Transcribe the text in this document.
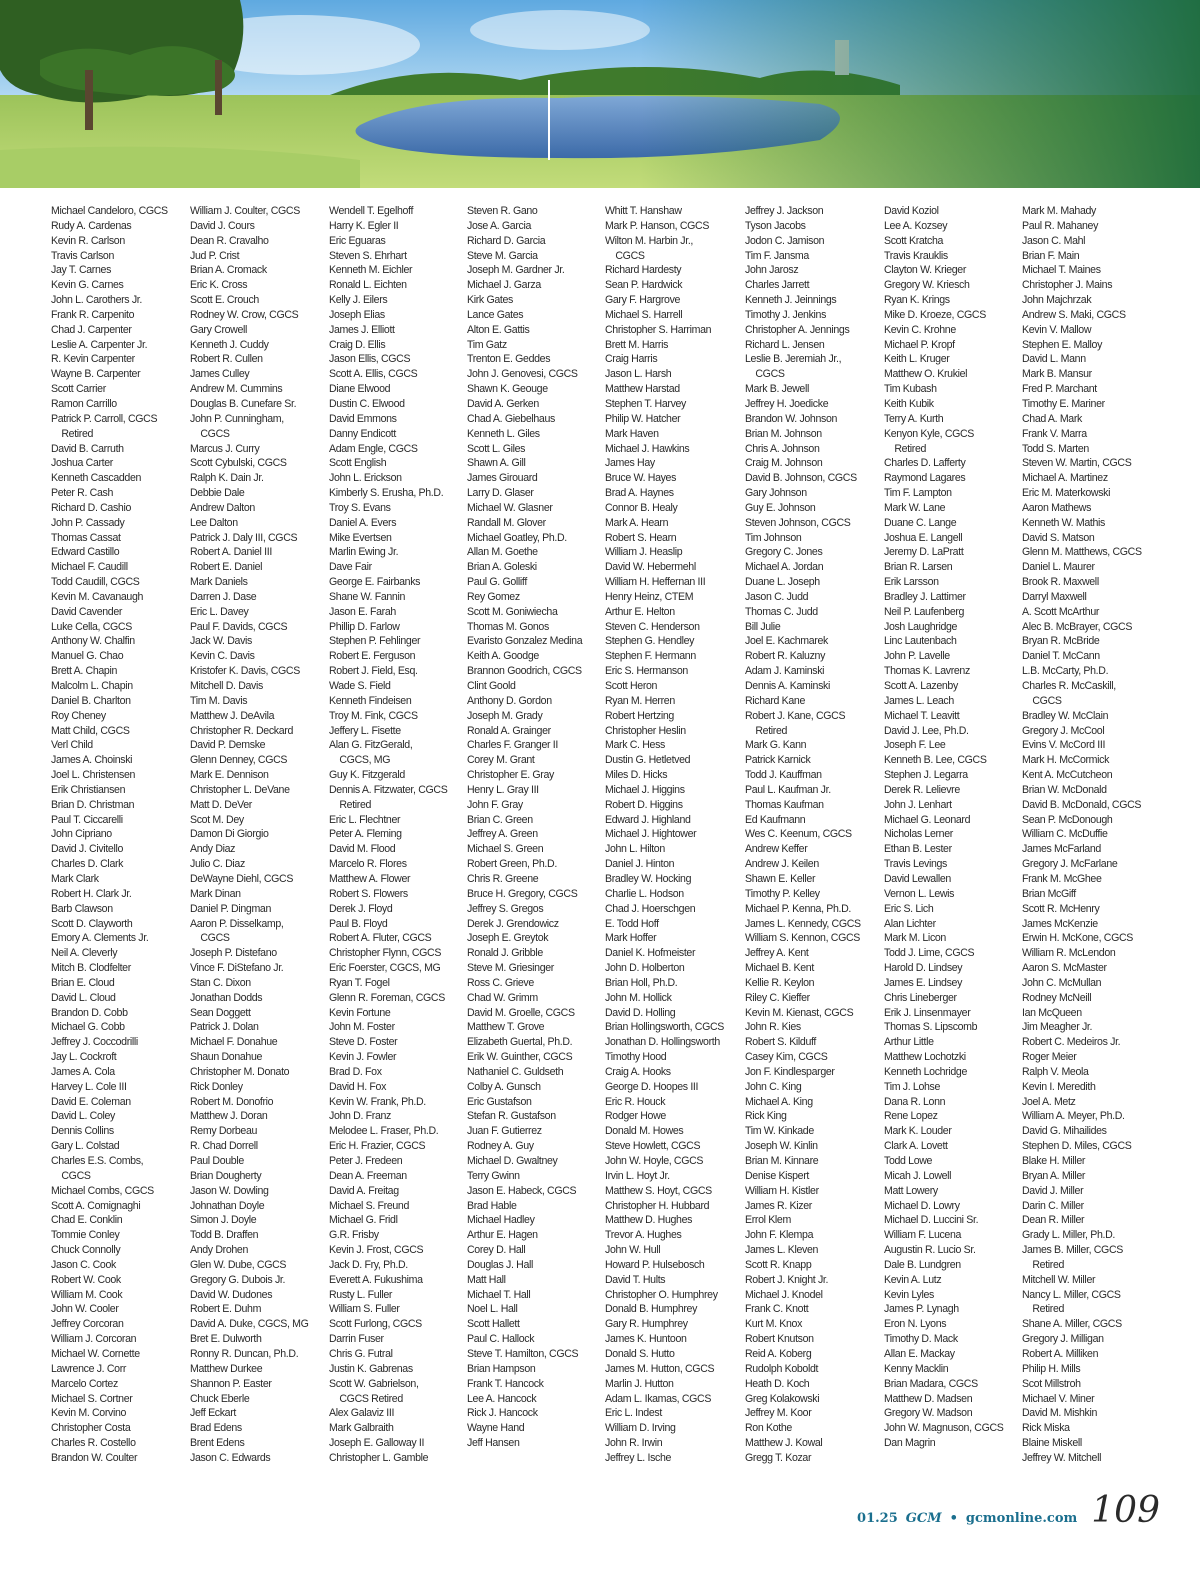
Michael Candeloro, CGCS
Rudy A. Cardenas
Kevin R. Carlson
Travis Carlson
Jay T. Carnes
Kevin G. Carnes
John L. Carothers Jr.
Frank R. Carpenito
Chad J. Carpenter
Leslie A. Carpenter Jr.
R. Kevin Carpenter
Wayne B. Carpenter
Scott Carrier
Ramon Carrillo
Patrick P. Carroll, CGCS
Retired
David B. Carruth
Joshua Carter
Kenneth Cascadden
Peter R. Cash
Richard D. Cashio
John P. Cassady
Thomas Cassat
Edward Castillo
Michael F. Caudill
Todd Caudill, CGCS
Kevin M. Cavanaugh
David Cavender
Luke Cella, CGCS
Anthony W. Chalfin
Manuel G. Chao
Brett A. Chapin
Malcolm L. Chapin
Daniel B. Charlton
Roy Cheney
Matt Child, CGCS
Verl Child
James A. Choinski
Joel L. Christensen
Erik Christiansen
Brian D. Christman
Paul T. Ciccarelli
John Cipriano
David J. Civitello
Charles D. Clark
Mark Clark
Robert H. Clark Jr.
Barb Clawson
Scott D. Clayworth
Emory A. Clements Jr.
Neil A. Cleverly
Mitch B. Clodfelter
Brian E. Cloud
David L. Cloud
Brandon D. Cobb
Michael G. Cobb
Jeffrey J. Coccodrilli
Jay L. Cockroft
James A. Cola
Harvey L. Cole III
David E. Coleman
David L. Coley
Dennis Collins
Gary L. Colstad
Charles E.S. Combs,
CGCS
Michael Combs, CGCS
Scott A. Comignaghi
Chad E. Conklin
Tommie Conley
Chuck Connolly
Jason C. Cook
Robert W. Cook
William M. Cook
John W. Cooler
Jeffrey Corcoran
William J. Corcoran
Michael W. Cornette
Lawrence J. Corr
Marcelo Cortez
Michael S. Cortner
Kevin M. Corvino
Christopher Costa
Charles R. Costello
Brandon W. Coulter
William J. Coulter, CGCS
David J. Cours
Dean R. Cravalho
Jud P. Crist
Brian A. Cromack
Eric K. Cross
Scott E. Crouch
Rodney W. Crow, CGCS
Gary Crowell
Kenneth J. Cuddy
Robert R. Cullen
James Culley
Andrew M. Cummins
Douglas B. Cunefare Sr.
John P. Cunningham,
CGCS
Marcus J. Curry
Scott Cybulski, CGCS
Ralph K. Dain Jr.
Debbie Dale
Andrew Dalton
Lee Dalton
Patrick J. Daly III, CGCS
Robert A. Daniel III
Robert E. Daniel
Mark Daniels
Darren J. Dase
Eric L. Davey
Paul F. Davids, CGCS
Jack W. Davis
Kevin C. Davis
Kristofer K. Davis, CGCS
Mitchell D. Davis
Tim M. Davis
Matthew J. DeAvila
Christopher R. Deckard
David P. Demske
Glenn Denney, CGCS
Mark E. Dennison
Christopher L. DeVane
Matt D. DeVer
Scot M. Dey
Damon Di Giorgio
Andy Diaz
Julio C. Diaz
DeWayne Diehl, CGCS
Mark Dinan
Daniel P. Dingman
Aaron P. Disselkamp,
CGCS
Joseph P. Distefano
Vince F. DiStefano Jr.
Stan C. Dixon
Jonathan Dodds
Sean Doggett
Patrick J. Dolan
Michael F. Donahue
Shaun Donahue
Christopher M. Donato
Rick Donley
Robert M. Donofrio
Matthew J. Doran
Remy Dorbeau
R. Chad Dorrell
Paul Double
Brian Dougherty
Jason W. Dowling
Johnathan Doyle
Simon J. Doyle
Todd B. Draffen
Andy Drohen
Glen W. Dube, CGCS
Gregory G. Dubois Jr.
David W. Dudones
Robert E. Duhm
David A. Duke, CGCS, MG
Bret E. Dulworth
Ronny R. Duncan, Ph.D.
Matthew Durkee
Shannon P. Easter
Chuck Eberle
Jeff Eckart
Brad Edens
Brent Edens
Jason C. Edwards
Wendell T. Egelhoff
Harry K. Egler II
Eric Eguaras
Steven S. Ehrhart
Kenneth M. Eichler
Ronald L. Eichten
Kelly J. Eilers
Joseph Elias
James J. Elliott
Craig D. Ellis
Jason Ellis, CGCS
Scott A. Ellis, CGCS
Diane Elwood
Dustin C. Elwood
David Emmons
Danny Endicott
Adam Engle, CGCS
Scott English
John L. Erickson
Kimberly S. Erusha, Ph.D.
Troy S. Evans
Daniel A. Evers
Mike Evertsen
Marlin Ewing Jr.
Dave Fair
George E. Fairbanks
Shane W. Fannin
Jason E. Farah
Phillip D. Farlow
Stephen P. Fehlinger
Robert E. Ferguson
Robert J. Field, Esq.
Wade S. Field
Kenneth Findeisen
Troy M. Fink, CGCS
Jeffery L. Fisette
Alan G. FitzGerald,
CGCS, MG
Guy K. Fitzgerald
Dennis A. Fitzwater, CGCS
Retired
Eric L. Flechtner
Peter A. Fleming
David M. Flood
Marcelo R. Flores
Matthew A. Flower
Robert S. Flowers
Derek J. Floyd
Paul B. Floyd
Robert A. Fluter, CGCS
Christopher Flynn, CGCS
Eric Foerster, CGCS, MG
Ryan T. Fogel
Glenn R. Foreman, CGCS
Kevin Fortune
John M. Foster
Steve D. Foster
Kevin J. Fowler
Brad D. Fox
David H. Fox
Kevin W. Frank, Ph.D.
John D. Franz
Melodee L. Fraser, Ph.D.
Eric H. Frazier, CGCS
Peter J. Fredeen
Dean A. Freeman
David A. Freitag
Michael S. Freund
Michael G. Fridl
G.R. Frisby
Kevin J. Frost, CGCS
Jack D. Fry, Ph.D.
Everett A. Fukushima
Rusty L. Fuller
William S. Fuller
Scott Furlong, CGCS
Darrin Fuser
Chris G. Futral
Justin K. Gabrenas
Scott W. Gabrielson,
CGCS Retired
Alex Galaviz III
Mark Galbraith
Joseph E. Galloway II
Christopher L. Gamble
Steven R. Gano
Jose A. Garcia
Richard D. Garcia
Steve M. Garcia
Joseph M. Gardner Jr.
Michael J. Garza
Kirk Gates
Lance Gates
Alton E. Gattis
Tim Gatz
Trenton E. Geddes
John J. Genovesi, CGCS
Shawn K. Geouge
David A. Gerken
Chad A. Giebelhaus
Kenneth L. Giles
Scott L. Giles
Shawn A. Gill
James Girouard
Larry D. Glaser
Michael W. Glasner
Randall M. Glover
Michael Goatley, Ph.D.
Allan M. Goethe
Brian A. Goleski
Paul G. Golliff
Rey Gomez
Scott M. Goniwiecha
Thomas M. Gonos
Evaristo Gonzalez Medina
Keith A. Goodge
Brannon Goodrich, CGCS
Clint Goold
Anthony D. Gordon
Joseph M. Grady
Ronald A. Grainger
Charles F. Granger II
Corey M. Grant
Christopher E. Gray
Henry L. Gray III
John F. Gray
Brian C. Green
Jeffrey A. Green
Michael S. Green
Robert Green, Ph.D.
Chris R. Greene
Bruce H. Gregory, CGCS
Jeffrey S. Gregos
Derek J. Grendowicz
Joseph E. Greytok
Ronald J. Gribble
Steve M. Griesinger
Ross C. Grieve
Chad W. Grimm
David M. Groelle, CGCS
Matthew T. Grove
Elizabeth Guertal, Ph.D.
Erik W. Guinther, CGCS
Nathaniel C. Guldseth
Colby A. Gunsch
Eric Gustafson
Stefan R. Gustafson
Juan F. Gutierrez
Rodney A. Guy
Michael D. Gwaltney
Terry Gwinn
Jason E. Habeck, CGCS
Brad Hable
Michael Hadley
Arthur E. Hagen
Corey D. Hall
Douglas J. Hall
Matt Hall
Michael T. Hall
Noel L. Hall
Scott Hallett
Paul C. Hallock
Steve T. Hamilton, CGCS
Brian Hampson
Frank T. Hancock
Lee A. Hancock
Rick J. Hancock
Wayne Hand
Jeff Hansen
Whitt T. Hanshaw
Mark P. Hanson, CGCS
Wilton M. Harbin Jr.,
CGCS
Richard Hardesty
Sean P. Hardwick
Gary F. Hargrove
Michael S. Harrell
Christopher S. Harriman
Brett M. Harris
Craig Harris
Jason L. Harsh
Matthew Harstad
Stephen T. Harvey
Philip W. Hatcher
Mark Haven
Michael J. Hawkins
James Hay
Bruce W. Hayes
Brad A. Haynes
Connor B. Healy
Mark A. Hearn
Robert S. Hearn
William J. Heaslip
David W. Hebermehl
William H. Heffernan III
Henry Heinz, CTEM
Arthur E. Helton
Steven C. Henderson
Stephen G. Hendley
Stephen F. Hermann
Eric S. Hermanson
Scott Heron
Ryan M. Herren
Robert Hertzing
Christopher Heslin
Mark C. Hess
Dustin G. Hetletved
Miles D. Hicks
Michael J. Higgins
Robert D. Higgins
Edward J. Highland
Michael J. Hightower
John L. Hilton
Daniel J. Hinton
Bradley W. Hocking
Charlie L. Hodson
Chad J. Hoerschgen
E. Todd Hoff
Mark Hoffer
Daniel K. Hofmeister
John D. Holberton
Brian Holl, Ph.D.
John M. Hollick
David D. Holling
Brian Hollingsworth, CGCS
Jonathan D. Hollingsworth
Timothy Hood
Craig A. Hooks
George D. Hoopes III
Eric R. Houck
Rodger Howe
Donald M. Howes
Steve Howlett, CGCS
John W. Hoyle, CGCS
Irvin L. Hoyt Jr.
Matthew S. Hoyt, CGCS
Christopher H. Hubbard
Matthew D. Hughes
Trevor A. Hughes
John W. Hull
Howard P. Hulsebosch
David T. Hults
Christopher O. Humphrey
Donald B. Humphrey
Gary R. Humphrey
James K. Huntoon
Donald S. Hutto
James M. Hutton, CGCS
Marlin J. Hutton
Adam L. Ikamas, CGCS
Eric L. Indest
William D. Irving
John R. Irwin
Jeffrey L. Ische
Jeffrey J. Jackson
Tyson Jacobs
Jodon C. Jamison
Tim F. Jansma
John Jarosz
Charles Jarrett
Kenneth J. Jeinnings
Timothy J. Jenkins
Christopher A. Jennings
Richard L. Jensen
Leslie B. Jeremiah Jr.,
CGCS
Mark B. Jewell
Jeffrey H. Joedicke
Brandon W. Johnson
Brian M. Johnson
Chris A. Johnson
Craig M. Johnson
David B. Johnson, CGCS
Gary Johnson
Guy E. Johnson
Steven Johnson, CGCS
Tim Johnson
Gregory C. Jones
Michael A. Jordan
Duane L. Joseph
Jason C. Judd
Thomas C. Judd
Bill Julie
Joel E. Kachmarek
Robert R. Kaluzny
Adam J. Kaminski
Dennis A. Kaminski
Richard Kane
Robert J. Kane, CGCS
Retired
Mark G. Kann
Patrick Karnick
Todd J. Kauffman
Paul L. Kaufman Jr.
Thomas Kaufman
Ed Kaufmann
Wes C. Keenum, CGCS
Andrew Keffer
Andrew J. Keilen
Shawn E. Keller
Timothy P. Kelley
Michael P. Kenna, Ph.D.
James L. Kennedy, CGCS
William S. Kennon, CGCS
Jeffrey A. Kent
Michael B. Kent
Kellie R. Keylon
Riley C. Kieffer
Kevin M. Kienast, CGCS
John R. Kies
Robert S. Kilduff
Casey Kim, CGCS
Jon F. Kindlesparger
John C. King
Michael A. King
Rick King
Tim W. Kinkade
Joseph W. Kinlin
Brian M. Kinnare
Denise Kispert
William H. Kistler
James R. Kizer
Errol Klem
John F. Klempa
James L. Kleven
Scott R. Knapp
Robert J. Knight Jr.
Michael J. Knodel
Frank C. Knott
Kurt M. Knox
Robert Knutson
Reid A. Koberg
Rudolph Koboldt
Heath D. Koch
Greg Kolakowski
Jeffrey M. Koor
Ron Kothe
Matthew J. Kowal
Gregg T. Kozar
David Koziol
Lee A. Kozsey
Scott Kratcha
Travis Krauklis
Clayton W. Krieger
Gregory W. Kriesch
Ryan K. Krings
Mike D. Kroeze, CGCS
Kevin C. Krohne
Michael P. Kropf
Keith L. Kruger
Matthew O. Krukiel
Tim Kubash
Keith Kubik
Terry A. Kurth
Kenyon Kyle, CGCS
Retired
Charles D. Lafferty
Raymond Lagares
Tim F. Lampton
Mark W. Lane
Duane C. Lange
Joshua E. Langell
Jeremy D. LaPratt
Brian R. Larsen
Erik Larsson
Bradley J. Lattimer
Neil P. Laufenberg
Josh Laughridge
Linc Lautenbach
John P. Lavelle
Thomas K. Lavrenz
Scott A. Lazenby
James L. Leach
Michael T. Leavitt
David J. Lee, Ph.D.
Joseph F. Lee
Kenneth B. Lee, CGCS
Stephen J. Legarra
Derek R. Lelievre
John J. Lenhart
Michael G. Leonard
Nicholas Lerner
Ethan B. Lester
Travis Levings
David Lewallen
Vernon L. Lewis
Eric S. Lich
Alan Lichter
Mark M. Licon
Todd J. Lime, CGCS
Harold D. Lindsey
James E. Lindsey
Chris Lineberger
Erik J. Linsenmayer
Thomas S. Lipscomb
Arthur Little
Matthew Lochotzki
Kenneth Lochridge
Tim J. Lohse
Dana R. Lonn
Rene Lopez
Mark K. Louder
Clark A. Lovett
Todd Lowe
Micah J. Lowell
Matt Lowery
Michael D. Lowry
Michael D. Luccini Sr.
William F. Lucena
Augustin R. Lucio Sr.
Dale B. Lundgren
Kevin A. Lutz
Kevin Lyles
James P. Lynagh
Eron N. Lyons
Timothy D. Mack
Allan E. Mackay
Kenny Macklin
Brian Madara, CGCS
Matthew D. Madsen
Gregory W. Madson
John W. Magnuson, CGCS
Dan Magrin
Mark M. Mahady
Paul R. Mahaney
Jason C. Mahl
Brian F. Main
Michael T. Maines
Christopher J. Mains
John Majchrzak
Andrew S. Maki, CGCS
Kevin V. Mallow
Stephen E. Malloy
David L. Mann
Mark B. Mansur
Fred P. Marchant
Timothy E. Mariner
Chad A. Mark
Frank V. Marra
Todd S. Marten
Steven W. Martin, CGCS
Michael A. Martinez
Eric M. Materkowski
Aaron Mathews
Kenneth W. Mathis
David S. Matson
Glenn M. Matthews, CGCS
Daniel L. Maurer
Brook R. Maxwell
Darryl Maxwell
A. Scott McArthur
Alec B. McBrayer, CGCS
Bryan R. McBride
Daniel T. McCann
L.B. McCarty, Ph.D.
Charles R. McCaskill,
CGCS
Bradley W. McClain
Gregory J. McCool
Evins V. McCord III
Mark H. McCormick
Kent A. McCutcheon
Brian W. McDonald
David B. McDonald, CGCS
Sean P. McDonough
William C. McDuffie
James McFarland
Gregory J. McFarlane
Frank M. McGhee
Brian McGiff
Scott R. McHenry
James McKenzie
Erwin H. McKone, CGCS
William R. McLendon
Aaron S. McMaster
John C. McMullan
Rodney McNeill
Ian McQueen
Jim Meagher Jr.
Robert C. Medeiros Jr.
Roger Meier
Ralph V. Meola
Kevin I. Meredith
Joel A. Metz
William A. Meyer, Ph.D.
David G. Mihailides
Stephen D. Miles, CGCS
Blake H. Miller
Bryan A. Miller
David J. Miller
Darin C. Miller
Dean R. Miller
Grady L. Miller, Ph.D.
James B. Miller, CGCS
Retired
Mitchell W. Miller
Nancy L. Miller, CGCS
Retired
Shane A. Miller, CGCS
Gregory J. Milligan
Robert A. Milliken
Philip H. Mills
Scot Millstroh
Michael V. Miner
David M. Mishkin
Rick Miska
Blaine Miskell
Jeffrey W. Mitchell
01.25 GCM • gcmonline.com 109
